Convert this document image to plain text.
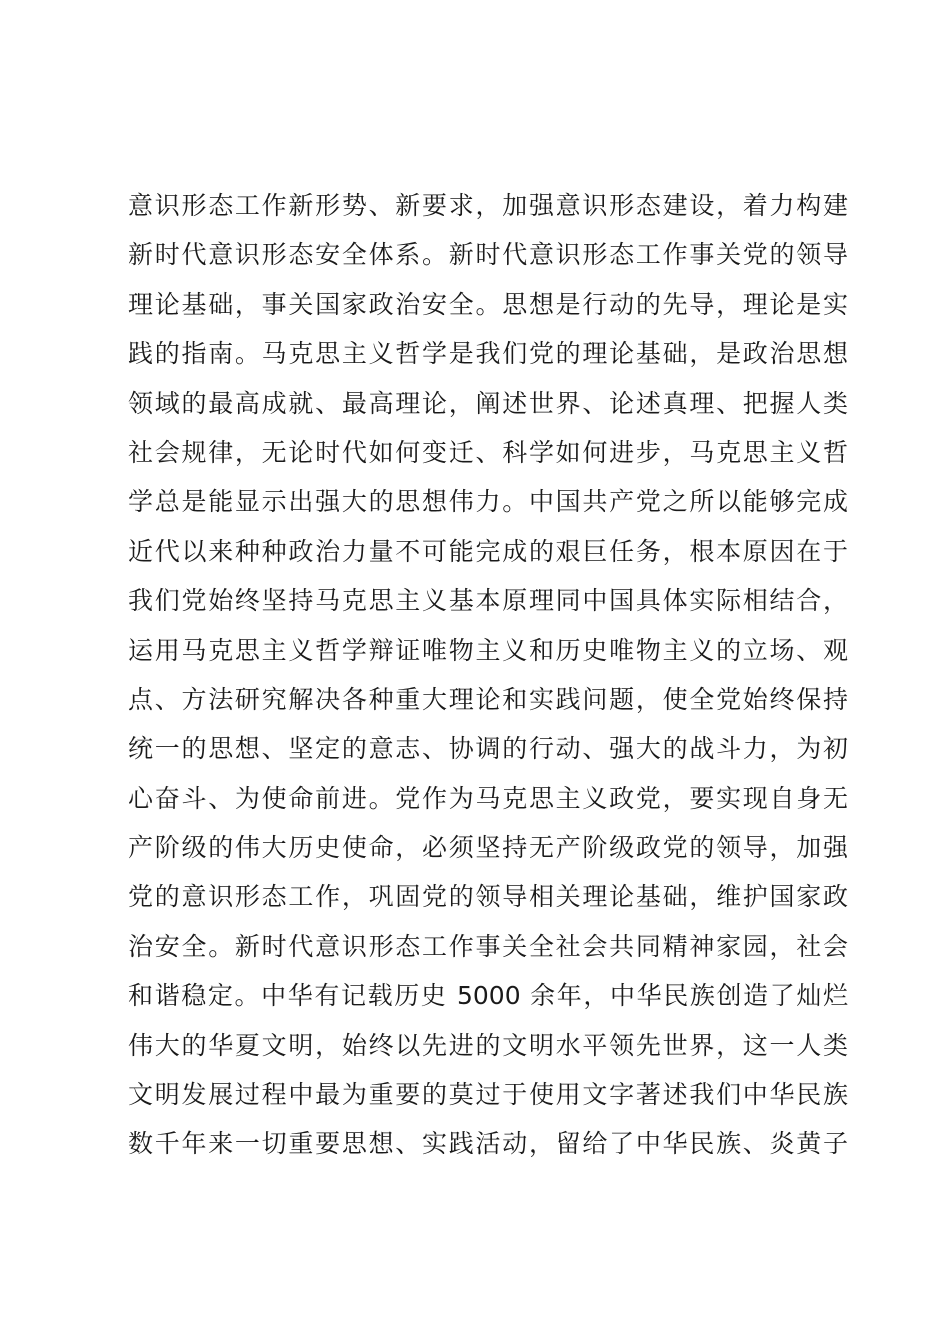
意识形态工作新形势、新要求，加强意识形态建设，着力构建
新时代意识形态安全体系。新时代意识形态工作事关党的领导
理论基础，事关国家政治安全。思想是行动的先导，理论是实
践的指南。马克思主义哲学是我们党的理论基础，是政治思想
领域的最高成就、最高理论，阐述世界、论述真理、把握人类
社会规律，无论时代如何变迁、科学如何进步，马克思主义哲
学总是能显示出强大的思想伟力。中国共产党之所以能够完成
近代以来种种政治力量不可能完成的艰巨任务，根本原因在于
我们党始终坚持马克思主义基本原理同中国具体实际相结合，
运用马克思主义哲学辩证唯物主义和历史唯物主义的立场、观
点、方法研究解决各种重大理论和实践问题，使全党始终保持
统一的思想、坚定的意志、协调的行动、强大的战斗力，为初
心奋斗、为使命前进。党作为马克思主义政党，要实现自身无
产阶级的伟大历史使命，必须坚持无产阶级政党的领导，加强
党的意识形态工作，巩固党的领导相关理论基础，维护国家政
治安全。新时代意识形态工作事关全社会共同精神家园，社会
和谐稳定。中华有记载历史 5000 余年，中华民族创造了灿烂
伟大的华夏文明，始终以先进的文明水平领先世界，这一人类
文明发展过程中最为重要的莫过于使用文字著述我们中华民族
数千年来一切重要思想、实践活动，留给了中华民族、炎黄子
